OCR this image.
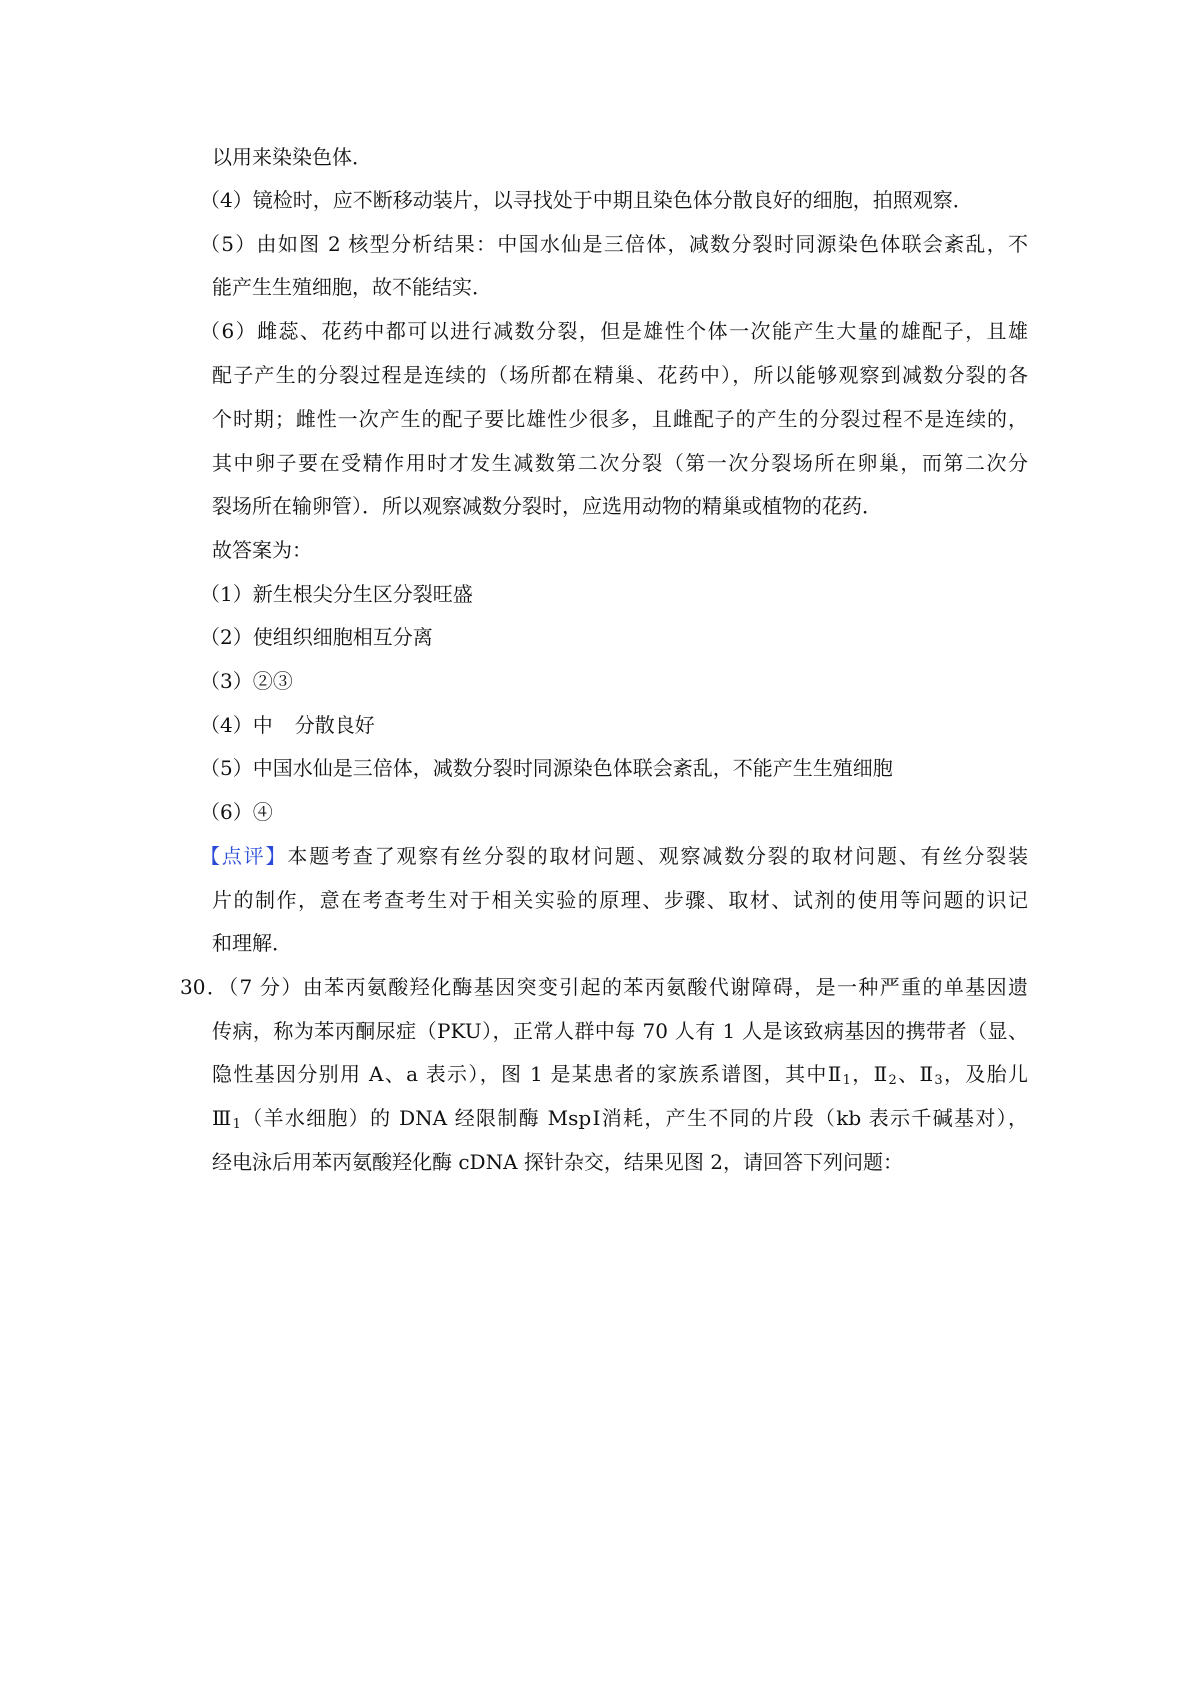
以用来染染色体．
（4）镜检时，应不断移动装片，以寻找处于中期且染色体分散良好的细胞，拍照观察．
（5）由如图 2 核型分析结果：中国水仙是三倍体，减数分裂时同源染色体联会紊乱，不
能产生生殖细胞，故不能结实．
（6）雌蕊、花药中都可以进行减数分裂，但是雄性个体一次能产生大量的雄配子，且雄
配子产生的分裂过程是连续的（场所都在精巢、花药中），所以能够观察到减数分裂的各
个时期；雌性一次产生的配子要比雄性少很多，且雌配子的产生的分裂过程不是连续的，
其中卵子要在受精作用时才发生减数第二次分裂（第一次分裂场所在卵巢，而第二次分
裂场所在输卵管）．所以观察减数分裂时，应选用动物的精巢或植物的花药．
故答案为：
（1）新生根尖分生区分裂旺盛
（2）使组织细胞相互分离
（3）②③
（4）中 分散良好
（5）中国水仙是三倍体，减数分裂时同源染色体联会紊乱，不能产生生殖细胞
（6）④
【点评】本题考查了观察有丝分裂的取材问题、观察减数分裂的取材问题、有丝分裂装
片的制作，意在考查考生对于相关实验的原理、步骤、取材、试剂的使用等问题的识记
和理解．
30．（7 分）由苯丙氨酸羟化酶基因突变引起的苯丙氨酸代谢障碍，是一种严重的单基因遗
传病，称为苯丙酮尿症（PKU），正常人群中每 70 人有 1 人是该致病基因的携带者（显、
隐性基因分别用 A、a 表示），图 1 是某患者的家族系谱图，其中$Ⅱ_1$，$Ⅱ_2$、$Ⅱ_3$，及胎儿
$Ⅲ_1$（羊水细胞）的 DNA 经限制酶 MspⅠ消耗，产生不同的片段（kb 表示千碱基对），
经电泳后用苯丙氨酸羟化酶 cDNA 探针杂交，结果见图 2，请回答下列问题：
